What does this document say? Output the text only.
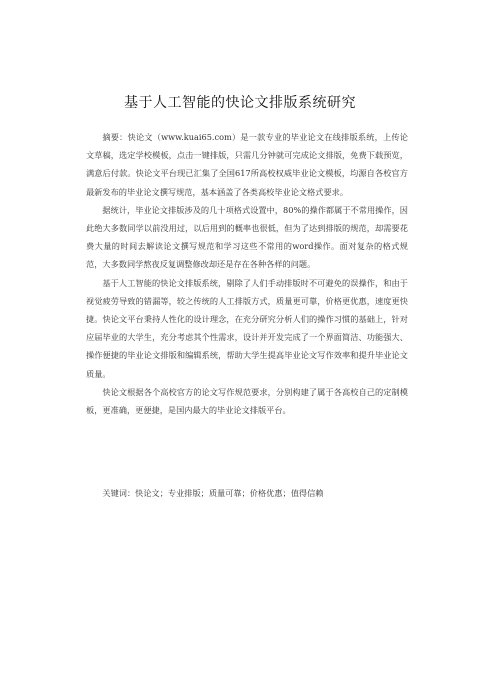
基于人工智能的快论文排版系统研究

摘要：快论文（www.kuai65.com）是一款专业的毕业论文在线排版系统，上传论文草稿，选定学校模板，点击一键排版，只需几分钟就可完成论文排版，免费下载预览，满意后付款。快论文平台现已汇集了全国617所高校权威毕业论文模板，均源自各校官方最新发布的毕业论文撰写规范，基本涵盖了各类高校毕业论文格式要求。

据统计，毕业论文排版涉及的几十项格式设置中，80%的操作都属于不常用操作，因此绝大多数同学以前没用过，以后用到的概率也很低，但为了达到排版的规范，却需要花费大量的时间去解读论文撰写规范和学习这些不常用的word操作。面对复杂的格式规范，大多数同学熬夜反复调整修改却还是存在各种各样的问题。

基于人工智能的快论文排版系统，剔除了人们手动排版时不可避免的误操作，和由于视觉疲劳导致的错漏等，较之传统的人工排版方式，质量更可靠，价格更优惠，速度更快捷。快论文平台秉持人性化的设计理念，在充分研究分析人们的操作习惯的基础上，针对应届毕业的大学生，充分考虑其个性需求，设计并开发完成了一个界面简洁、功能强大、操作便捷的毕业论文排版和编辑系统，帮助大学生提高毕业论文写作效率和提升毕业论文质量。

快论文根据各个高校官方的论文写作规范要求，分别构建了属于各高校自己的定制模板，更准确，更便捷，是国内最大的毕业论文排版平台。

关键词：快论文；专业排版；质量可靠；价格优惠；值得信赖
